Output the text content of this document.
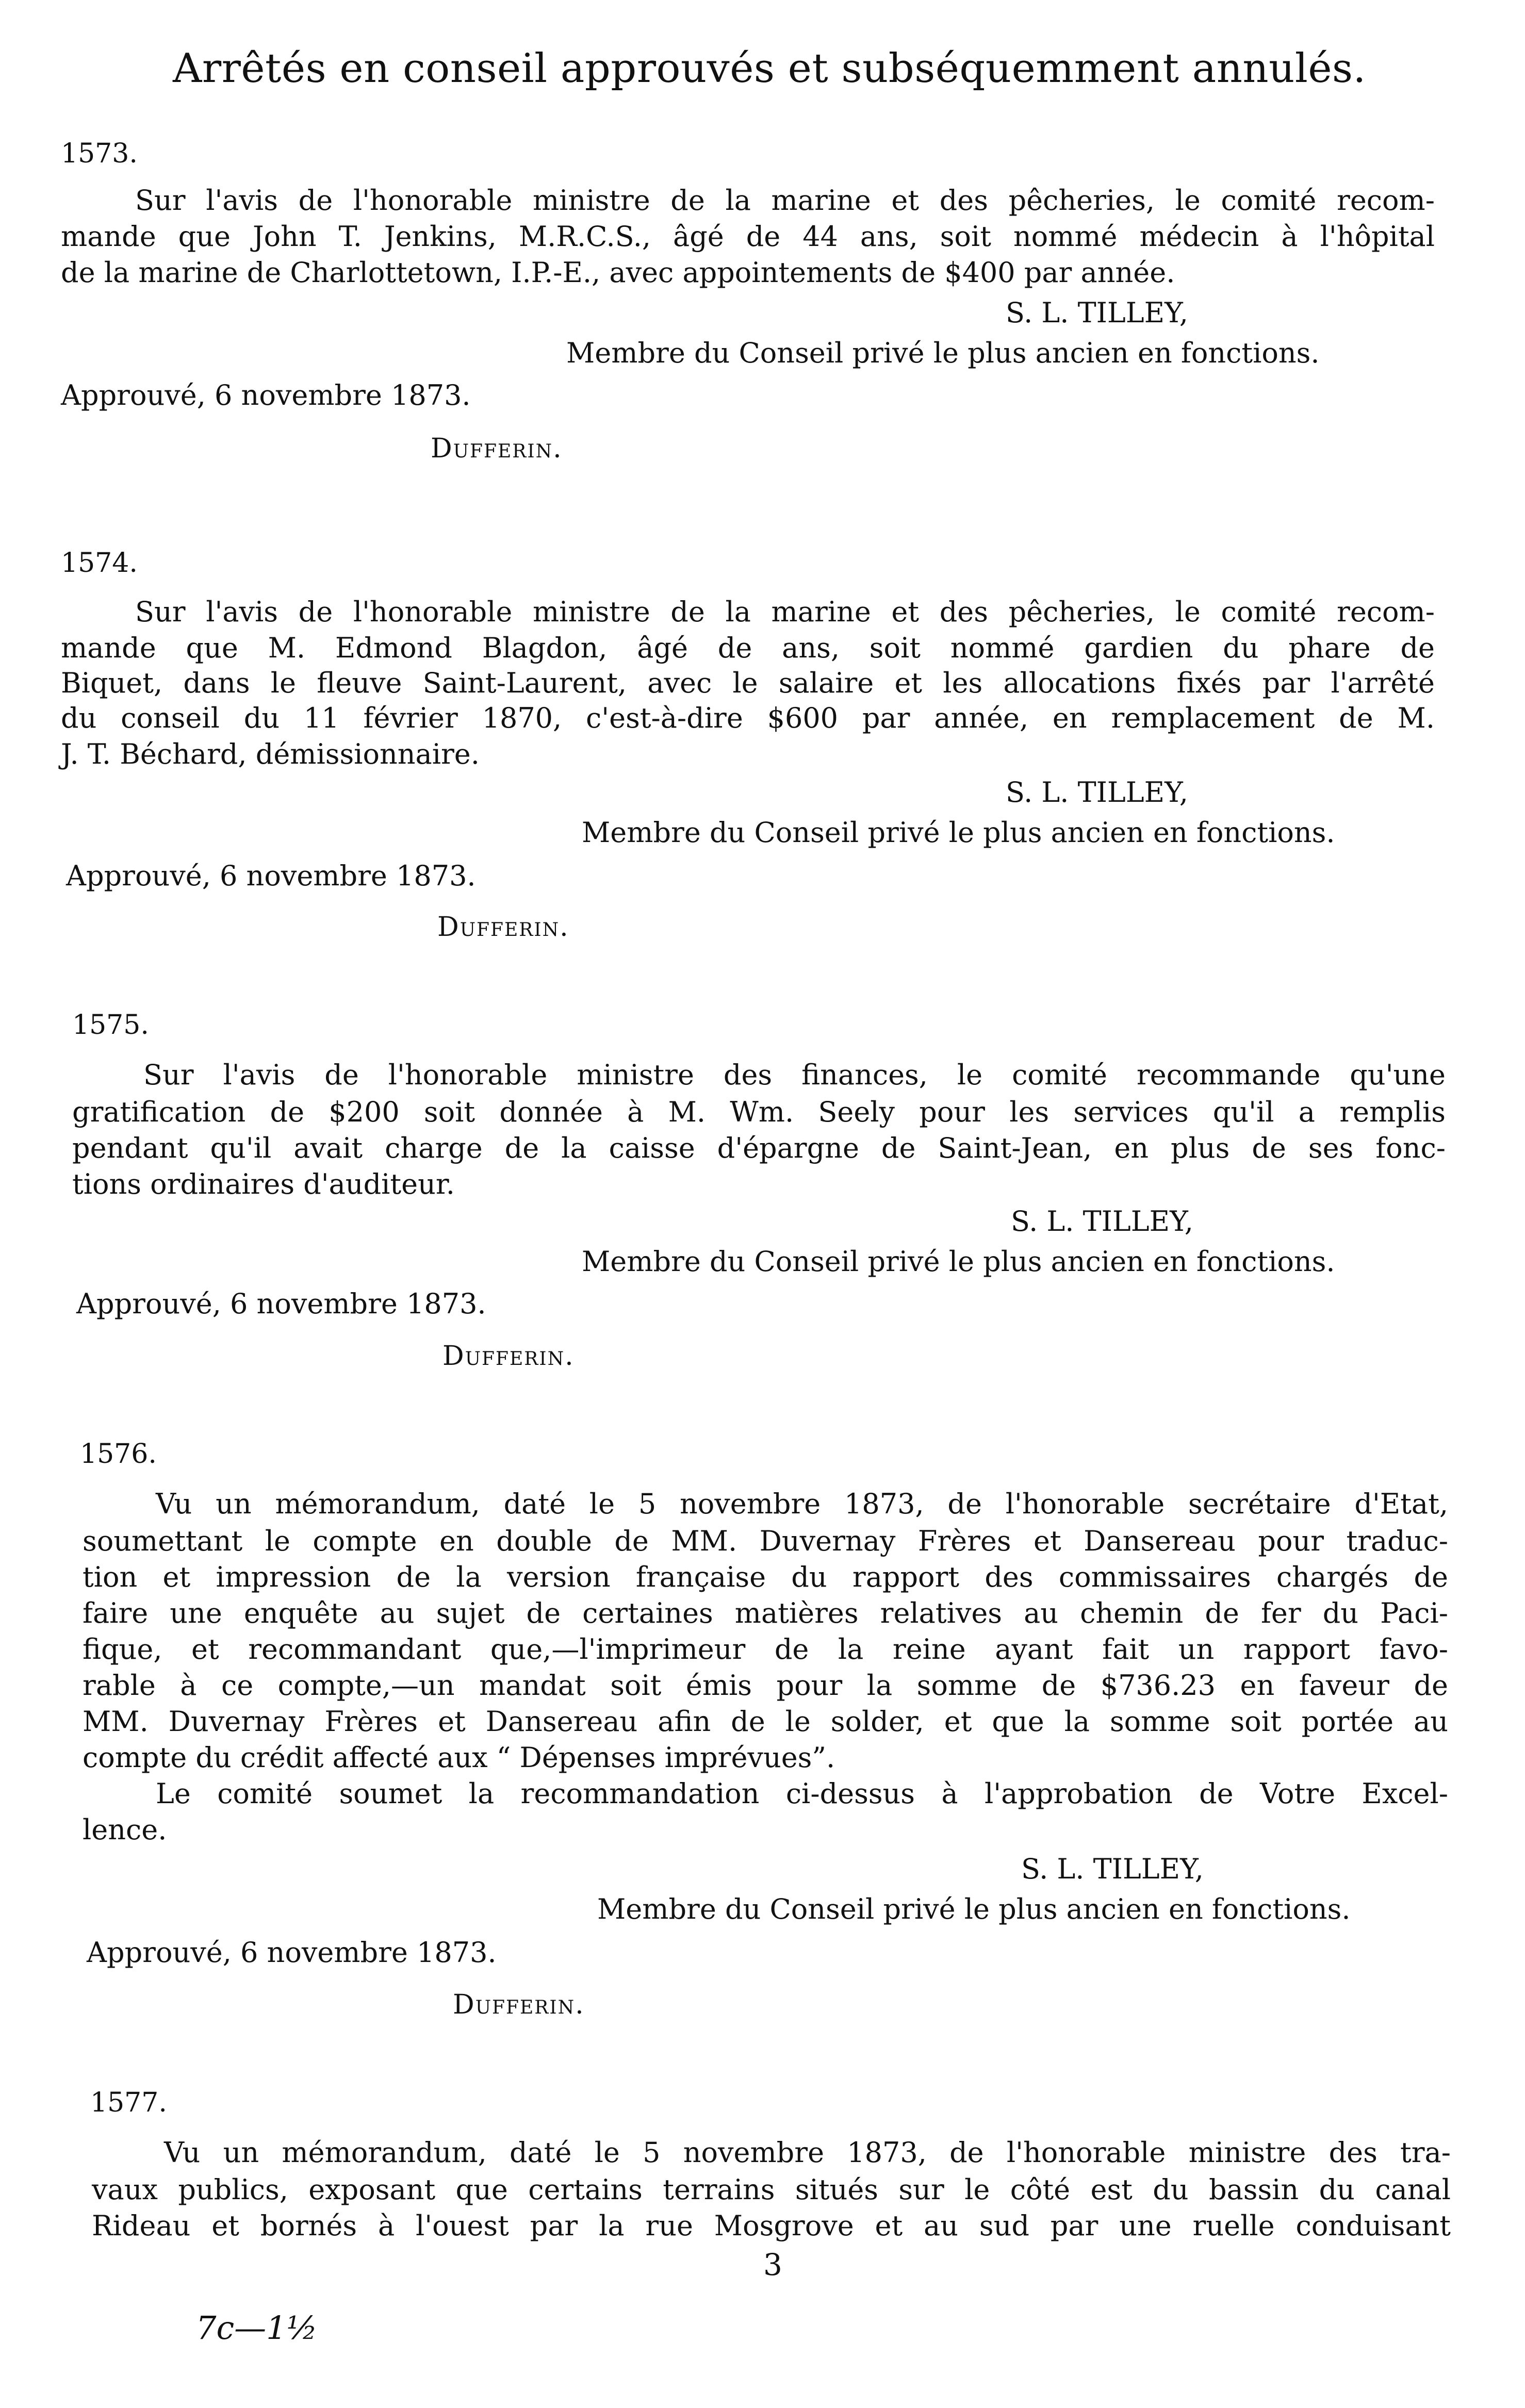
Arrêtés en conseil approuvés et subséquemment annulés.
1573.
Sur l'avis de l'honorable ministre de la marine et des pêcheries, le comité recom-
mande que John T. Jenkins, M.R.C.S., âgé de 44 ans, soit nommé médecin à l'hôpital
de la marine de Charlottetown, I.P.-E., avec appointements de $400 par année.
S. L. TILLEY,
Membre du Conseil privé le plus ancien en fonctions.
Approuvé, 6 novembre 1873.
Dufferin.
1574.
Sur l'avis de l'honorable ministre de la marine et des pêcheries, le comité recom-
mande que M. Edmond Blagdon, âgé de ans, soit nommé gardien du phare de
Biquet, dans le fleuve Saint-Laurent, avec le salaire et les allocations fixés par l'arrêté
du conseil du 11 février 1870, c'est-à-dire $600 par année, en remplacement de M.
J. T. Béchard, démissionnaire.
S. L. TILLEY,
Membre du Conseil privé le plus ancien en fonctions.
Approuvé, 6 novembre 1873.
Dufferin.
1575.
Sur l'avis de l'honorable ministre des finances, le comité recommande qu'une
gratification de $200 soit donnée à M. Wm. Seely pour les services qu'il a remplis
pendant qu'il avait charge de la caisse d'épargne de Saint-Jean, en plus de ses fonc-
tions ordinaires d'auditeur.
S. L. TILLEY,
Membre du Conseil privé le plus ancien en fonctions.
Approuvé, 6 novembre 1873.
Dufferin.
1576.
Vu un mémorandum, daté le 5 novembre 1873, de l'honorable secrétaire d'Etat,
soumettant le compte en double de MM. Duvernay Frères et Dansereau pour traduc-
tion et impression de la version française du rapport des commissaires chargés de
faire une enquête au sujet de certaines matières relatives au chemin de fer du Paci-
fique, et recommandant que,—l'imprimeur de la reine ayant fait un rapport favo-
rable à ce compte,—un mandat soit émis pour la somme de $736.23 en faveur de
MM. Duvernay Frères et Dansereau afin de le solder, et que la somme soit portée au
compte du crédit affecté aux “ Dépenses imprévues”.
Le comité soumet la recommandation ci-dessus à l'approbation de Votre Excel-
lence.
S. L. TILLEY,
Membre du Conseil privé le plus ancien en fonctions.
Approuvé, 6 novembre 1873.
Dufferin.
1577.
Vu un mémorandum, daté le 5 novembre 1873, de l'honorable ministre des tra-
vaux publics, exposant que certains terrains situés sur le côté est du bassin du canal
Rideau et bornés à l'ouest par la rue Mosgrove et au sud par une ruelle conduisant
3
7c—1½
